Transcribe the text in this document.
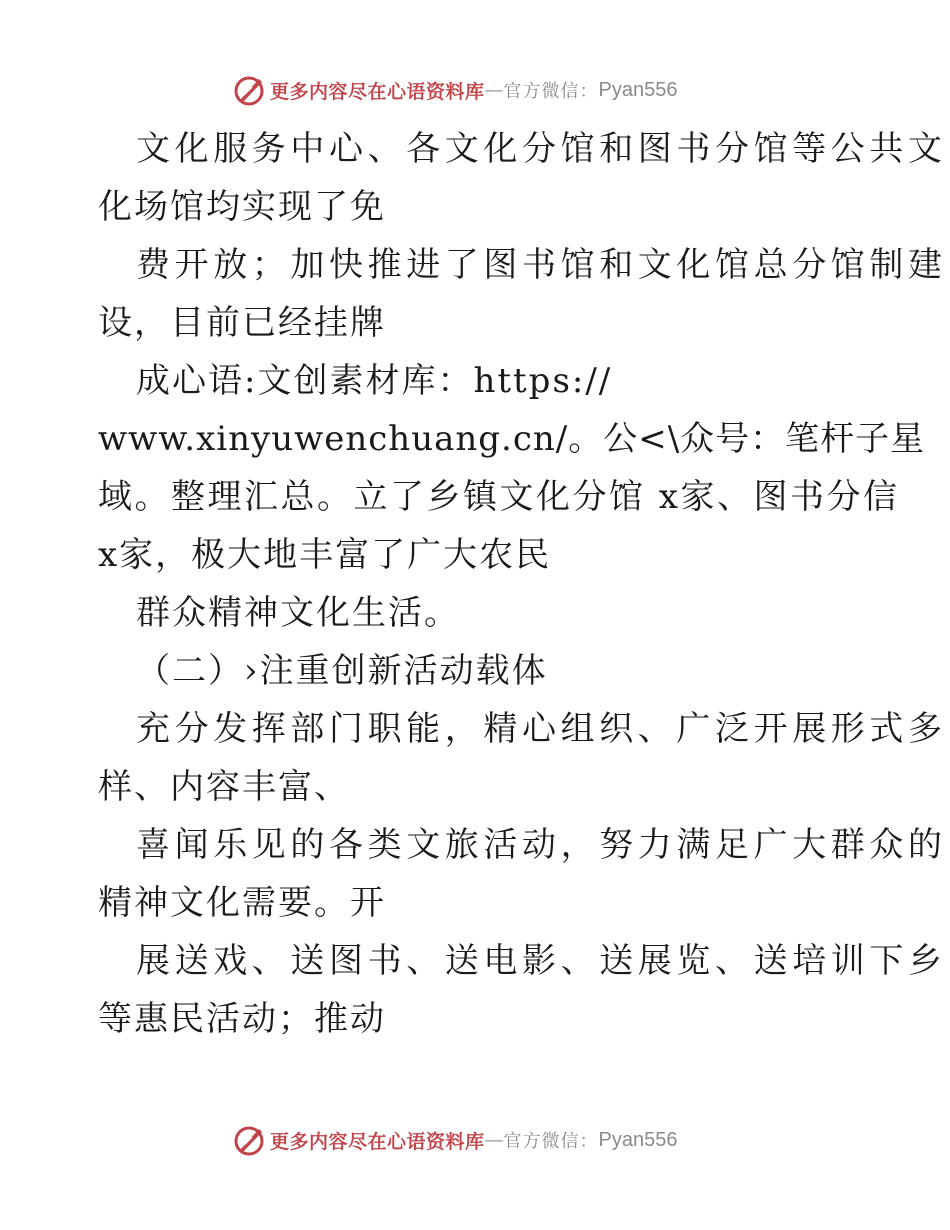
更多内容尽在心语资料库 — 官方微信： Pyan556
文化服务中心、各文化分馆和图书分馆等公共文
化场馆均实现了免
费开放；加快推进了图书馆和文化馆总分馆制建
设，目前已经挂牌
成心语:文创素材库：https://
www.xinyuwenchuang.cn/。公<\众号：笔杆子星
域。整理汇总。立了乡镇文化分馆 x家、图书分信
x家，极大地丰富了广大农民
群众精神文化生活。
（二）›注重创新活动载体
充分发挥部门职能，精心组织、广泛开展形式多
样、内容丰富、
喜闻乐见的各类文旅活动，努力满足广大群众的
精神文化需要。开
展送戏、送图书、送电影、送展览、送培训下乡
等惠民活动；推动
更多内容尽在心语资料库 — 官方微信： Pyan556
